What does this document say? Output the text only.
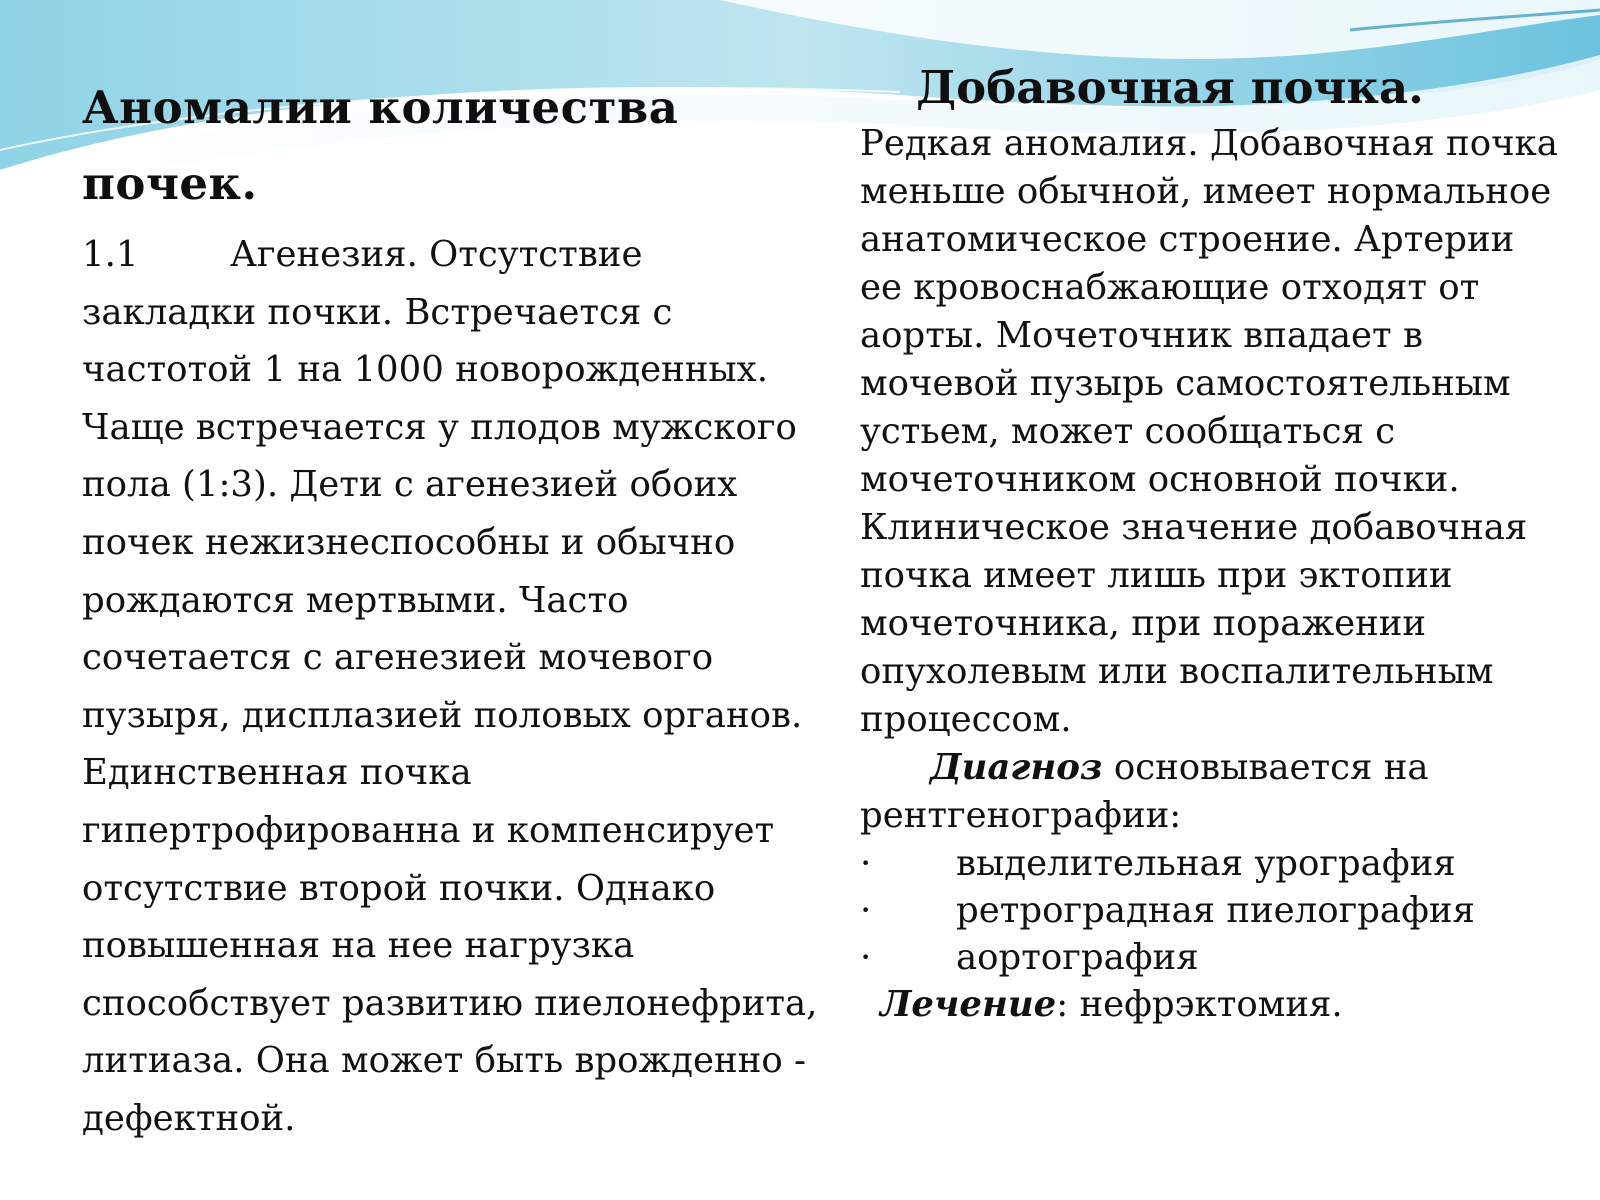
Аномалии количества почек.

1.1	Агенезия. Отсутствие закладки почки. Встречается с частотой 1 на 1000 новорожденных. Чаще встречается у плодов мужского пола (1:3). Дети с агенезией обоих почек нежизнеспособны и обычно рождаются мертвыми. Часто сочетается с агенезией мочевого пузыря, дисплазией половых органов. Единственная почка гипертрофированна и компенсирует отсутствие второй почки. Однако повышенная на нее нагрузка способствует развитию пиелонефрита, литиаза. Она может быть врожденно - дефектной.

Добавочная почка.

Редкая аномалия. Добавочная почка меньше обычной, имеет нормальное анатомическое строение. Артерии ее кровоснабжающие отходят от аорты. Мочеточник впадает в мочевой пузырь самостоятельным устьем, может сообщаться с мочеточником основной почки. Клиническое значение добавочная почка имеет лишь при эктопии мочеточника, при поражении опухолевым или воспалительным процессом.

Диагноз основывается на рентгенографии:

·	выделительная урография
·	ретроградная пиелография
·	аортография

Лечение: нефрэктомия.
